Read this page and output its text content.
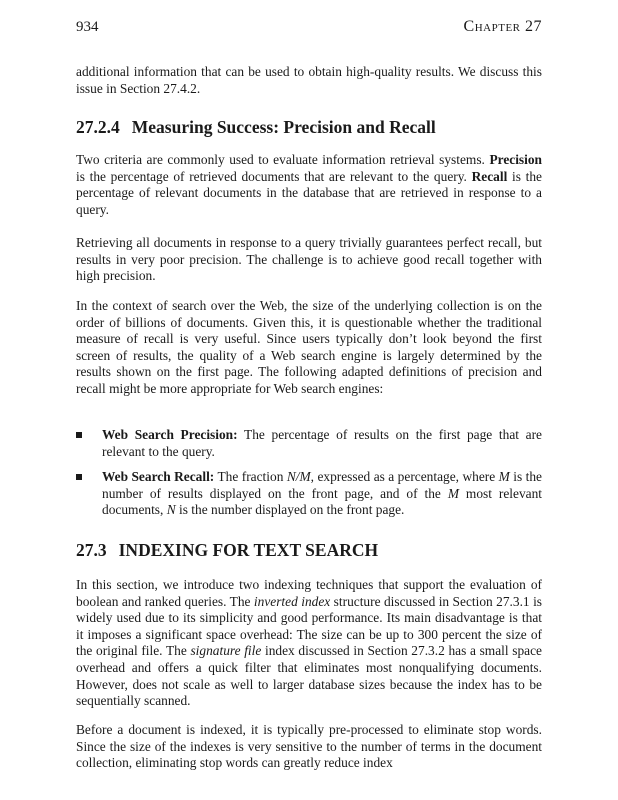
934	Chapter 27

additional information that can be used to obtain high-quality results. We discuss this issue in Section 27.4.2.

27.2.4 Measuring Success: Precision and Recall

Two criteria are commonly used to evaluate information retrieval systems. Precision is the percentage of retrieved documents that are relevant to the query. Recall is the percentage of relevant documents in the database that are retrieved in response to a query.

Retrieving all documents in response to a query trivially guarantees perfect recall, but results in very poor precision. The challenge is to achieve good recall together with high precision.

In the context of search over the Web, the size of the underlying collection is on the order of billions of documents. Given this, it is questionable whether the traditional measure of recall is very useful. Since users typically don’t look beyond the first screen of results, the quality of a Web search engine is largely determined by the results shown on the first page. The following adapted definitions of precision and recall might be more appropriate for Web search engines:

Web Search Precision: The percentage of results on the first page that are relevant to the query.
Web Search Recall: The fraction N/M, expressed as a percentage, where M is the number of results displayed on the front page, and of the M most relevant documents, N is the number displayed on the front page.
27.3 INDEXING FOR TEXT SEARCH

In this section, we introduce two indexing techniques that support the evaluation of boolean and ranked queries. The inverted index structure discussed in Section 27.3.1 is widely used due to its simplicity and good performance. Its main disadvantage is that it imposes a significant space overhead: The size can be up to 300 percent the size of the original file. The signature file index discussed in Section 27.3.2 has a small space overhead and offers a quick filter that eliminates most nonqualifying documents. However, does not scale as well to larger database sizes because the index has to be sequentially scanned.

Before a document is indexed, it is typically pre-processed to eliminate stop words. Since the size of the indexes is very sensitive to the number of terms in the document collection, eliminating stop words can greatly reduce index
